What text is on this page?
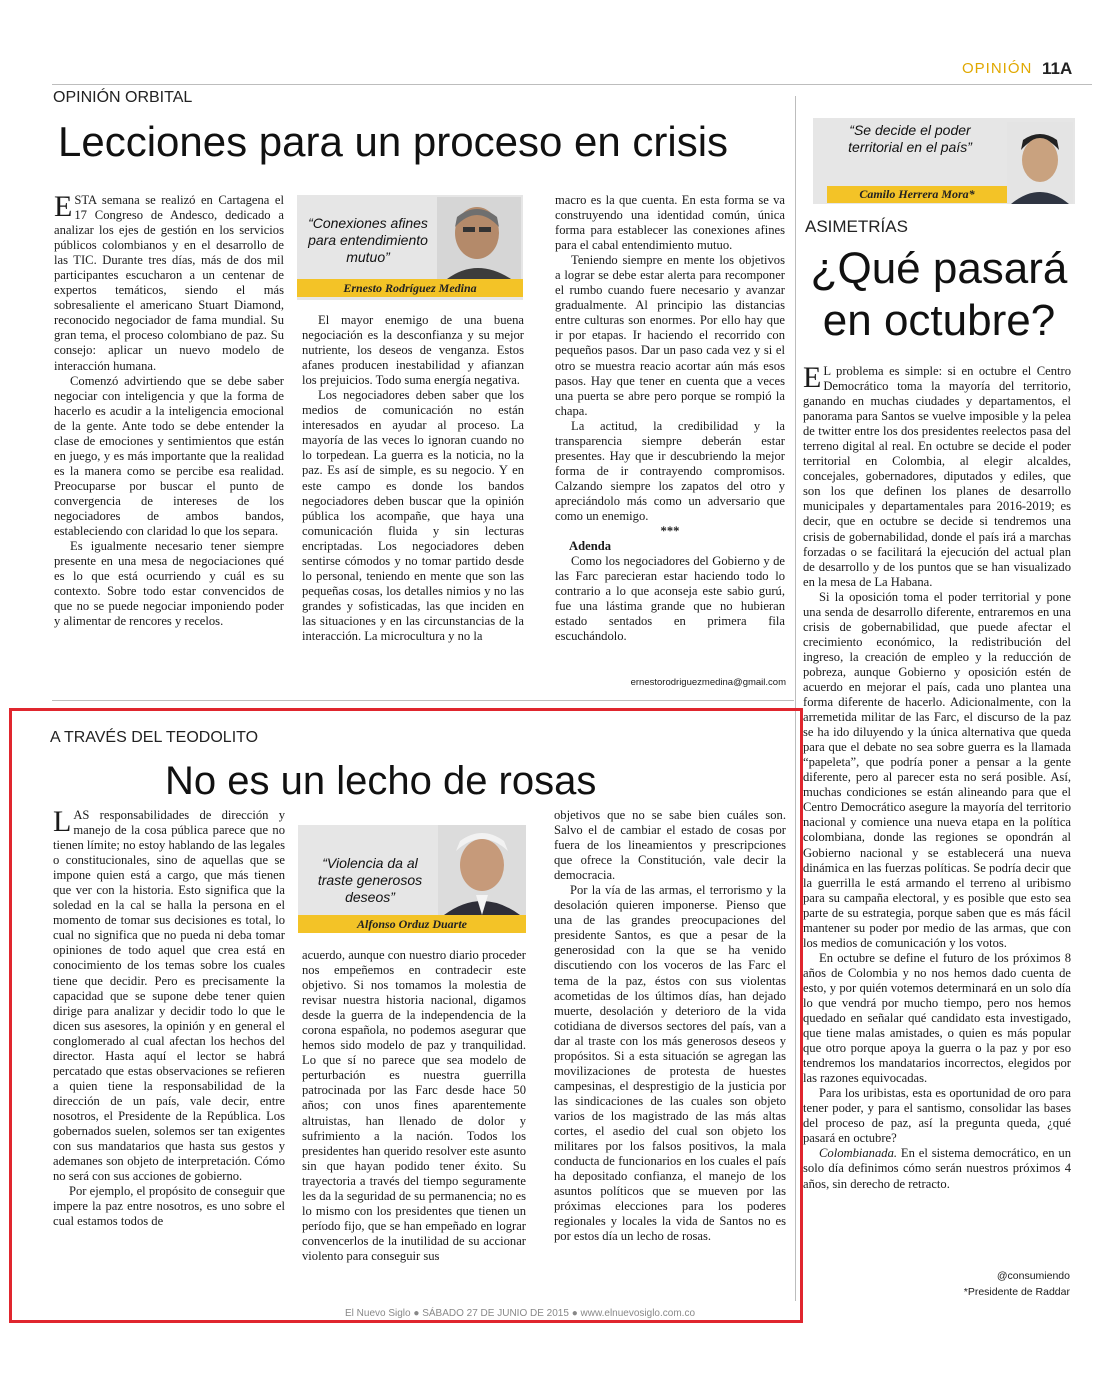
OPINIÓN 11A
OPINIÓN ORBITAL
Lecciones para un proceso en crisis

ESTA semana se realizó en Cartagena el 17 Congreso de Andesco, dedicado a analizar los ejes de gestión en los servicios públicos colombianos y en el desarrollo de las TIC. Durante tres días, más de dos mil participantes escucharon a un centenar de expertos temáticos, siendo el más sobresaliente el americano Stuart Diamond, reconocido negociador de fama mundial. Su gran tema, el proceso colombiano de paz. Su consejo: aplicar un nuevo modelo de interacción humana.

Comenzó advirtiendo que se debe saber negociar con inteligencia y que la forma de hacerlo es acudir a la inteligencia emocional de la gente. Ante todo se debe entender la clase de emociones y sentimientos que están en juego, y es más importante que la realidad es la manera como se percibe esa realidad. Preocuparse por buscar el punto de convergencia de intereses de los negociadores de ambos bandos, estableciendo con claridad lo que los separa.

Es igualmente necesario tener siempre presente en una mesa de negociaciones qué es lo que está ocurriendo y cuál es su contexto. Sobre todo estar convencidos de que no se puede negociar imponiendo poder y alimentar de rencores y recelos.

“Conexiones afines para entendimiento mutuo”
Ernesto Rodríguez Medina

El mayor enemigo de una buena negociación es la desconfianza y su mejor nutriente, los deseos de venganza. Estos afanes producen inestabilidad y afianzan los prejuicios. Todo suma energía negativa.

Los negociadores deben saber que los medios de comunicación no están interesados en ayudar al proceso. La mayoría de las veces lo ignoran cuando no lo torpedean. La guerra es la noticia, no la paz. Es así de simple, es su negocio. Y en este campo es donde los bandos negociadores deben buscar que la opinión pública los acompañe, que haya una comunicación fluida y sin lecturas encriptadas. Los negociadores deben sentirse cómodos y no tomar partido desde lo personal, teniendo en mente que son las pequeñas cosas, los detalles nimios y no las grandes y sofisticadas, las que inciden en las situaciones y en las circunstancias de la interacción. La microcultura y no la

macro es la que cuenta. En esta forma se va construyendo una identidad común, única forma para establecer las conexiones afines para el cabal entendimiento mutuo.

Teniendo siempre en mente los objetivos a lograr se debe estar alerta para recomponer el rumbo cuando fuere necesario y avanzar gradualmente. Al principio las distancias entre culturas son enormes. Por ello hay que ir por etapas. Ir haciendo el recorrido con pequeños pasos. Dar un paso cada vez y si el otro se muestra reacio acortar aún más esos pasos. Hay que tener en cuenta que a veces una puerta se abre pero porque se rompió la chapa.

La actitud, la credibilidad y la transparencia siempre deberán estar presentes. Hay que ir descubriendo la mejor forma de ir contrayendo compromisos. Calzando siempre los zapatos del otro y apreciándolo más como un adversario que como un enemigo.

***
Adenda

Como los negociadores del Gobierno y de las Farc parecieran estar haciendo todo lo contrario a lo que aconseja este sabio gurú, fue una lástima grande que no hubieran estado sentados en primera fila escuchándolo.

ernestorodriguezmedina@gmail.com
A TRAVÉS DEL TEODOLITO
No es un lecho de rosas

LAS responsabilidades de dirección y manejo de la cosa pública parece que no tienen límite; no estoy hablando de las legales o constitucionales, sino de aquellas que se impone quien está a cargo, que más tienen que ver con la historia. Esto significa que la soledad en la cal se halla la persona en el momento de tomar sus decisiones es total, lo cual no significa que no pueda ni deba tomar opiniones de todo aquel que crea está en conocimiento de los temas sobre los cuales tiene que decidir. Pero es precisamente la capacidad que se supone debe tener quien dirige para analizar y decidir todo lo que le dicen sus asesores, la opinión y en general el conglomerado al cual afectan los hechos del director. Hasta aquí el lector se habrá percatado que estas observaciones se refieren a quien tiene la responsabilidad de la dirección de un país, vale decir, entre nosotros, el Presidente de la República. Los gobernados suelen, solemos ser tan exigentes con sus mandatarios que hasta sus gestos y ademanes son objeto de interpretación. Cómo no será con sus acciones de gobierno.

Por ejemplo, el propósito de conseguir que impere la paz entre nosotros, es uno sobre el cual estamos todos de

“Violencia da al traste generosos deseos”
Alfonso Orduz Duarte

acuerdo, aunque con nuestro diario proceder nos empeñemos en contradecir este objetivo. Si nos tomamos la molestia de revisar nuestra historia nacional, digamos desde la guerra de la independencia de la corona española, no podemos asegurar que hemos sido modelo de paz y tranquilidad. Lo que sí no parece que sea modelo de perturbación es nuestra guerrilla patrocinada por las Farc desde hace 50 años; con unos fines aparentemente altruistas, han llenado de dolor y sufrimiento a la nación. Todos los presidentes han querido resolver este asunto sin que hayan podido tener éxito. Su trayectoria a través del tiempo seguramente les da la seguridad de su permanencia; no es lo mismo con los presidentes que tienen un período fijo, que se han empeñado en lograr convencerlos de la inutilidad de su accionar violento para conseguir sus

objetivos que no se sabe bien cuáles son. Salvo el de cambiar el estado de cosas por fuera de los lineamientos y prescripciones que ofrece la Constitución, vale decir la democracia.

Por la vía de las armas, el terrorismo y la desolación quieren imponerse. Pienso que una de las grandes preocupaciones del presidente Santos, es que a pesar de la generosidad con la que se ha venido discutiendo con los voceros de las Farc el tema de la paz, éstos con sus violentas acometidas de los últimos días, han dejado muerte, desolación y deterioro de la vida cotidiana de diversos sectores del país, van a dar al traste con los más generosos deseos y propósitos. Si a esta situación se agregan las movilizaciones de protesta de huestes campesinas, el desprestigio de la justicia por las sindicaciones de las cuales son objeto varios de los magistrado de las más altas cortes, el asedio del cual son objeto los militares por los falsos positivos, la mala conducta de funcionarios en los cuales el país ha depositado confianza, el manejo de los asuntos políticos que se mueven por las próximas elecciones para los poderes regionales y locales la vida de Santos no es por estos día un lecho de rosas.

“Se decide el poder territorial en el país”
Camilo Herrera Mora*
ASIMETRÍAS
¿Qué pasará
en octubre?

E L problema es simple: si en octubre el Centro Democrático toma la mayoría del territorio, ganando en muchas ciudades y departamentos, el panorama para Santos se vuelve imposible y la pelea de twitter entre los dos presidentes reelectos pasa del terreno digital al real. En octubre se decide el poder territorial en Colombia, al elegir alcaldes, concejales, gobernadores, diputados y ediles, que son los que definen los planes de desarrollo municipales y departamentales para 2016-2019; es decir, que en octubre se decide si tendremos una crisis de gobernabilidad, donde el país irá a marchas forzadas o se facilitará la ejecución del actual plan de desarrollo y de los puntos que se han visualizado en la mesa de La Habana.

Si la oposición toma el poder territorial y pone una senda de desarrollo diferente, entraremos en una crisis de gobernabilidad, que puede afectar el crecimiento económico, la redistribución del ingreso, la creación de empleo y la reducción de pobreza, aunque Gobierno y oposición estén de acuerdo en mejorar el país, cada uno plantea una forma diferente de hacerlo. Adicionalmente, con la arremetida militar de las Farc, el discurso de la paz se ha ido diluyendo y la única alternativa que queda para que el debate no sea sobre guerra es la llamada “papeleta”, que podría poner a pensar a la gente diferente, pero al parecer esta no será posible. Así, muchas condiciones se están alineando para que el Centro Democrático asegure la mayoría del territorio nacional y comience una nueva etapa en la política colombiana, donde las regiones se opondrán al Gobierno nacional y se establecerá una nueva dinámica en las fuerzas políticas. Se podría decir que la guerrilla le está armando el terreno al uribismo para su campaña electoral, y es posible que esto sea parte de su estrategia, porque saben que es más fácil mantener su poder por medio de las armas, que con los medios de comunicación y los votos.

En octubre se define el futuro de los próximos 8 años de Colombia y no nos hemos dado cuenta de esto, y por quién votemos determinará en un solo día lo que vendrá por mucho tiempo, pero nos hemos quedado en señalar qué candidato esta investigado, que tiene malas amistades, o quien es más popular que otro porque apoya la guerra o la paz y por eso tendremos los mandatarios incorrectos, elegidos por las razones equivocadas.

Para los uribistas, esta es oportunidad de oro para tener poder, y para el santismo, consolidar las bases del proceso de paz, así la pregunta queda, ¿qué pasará en octubre?

Colombianada. En el sistema democrático, en un solo día definimos cómo serán nuestros próximos 4 años, sin derecho de retracto.

@consumiendo
*Presidente de Raddar
El Nuevo Siglo ● SÁBADO 27 DE JUNIO DE 2015 ● www.elnuevosiglo.com.co
